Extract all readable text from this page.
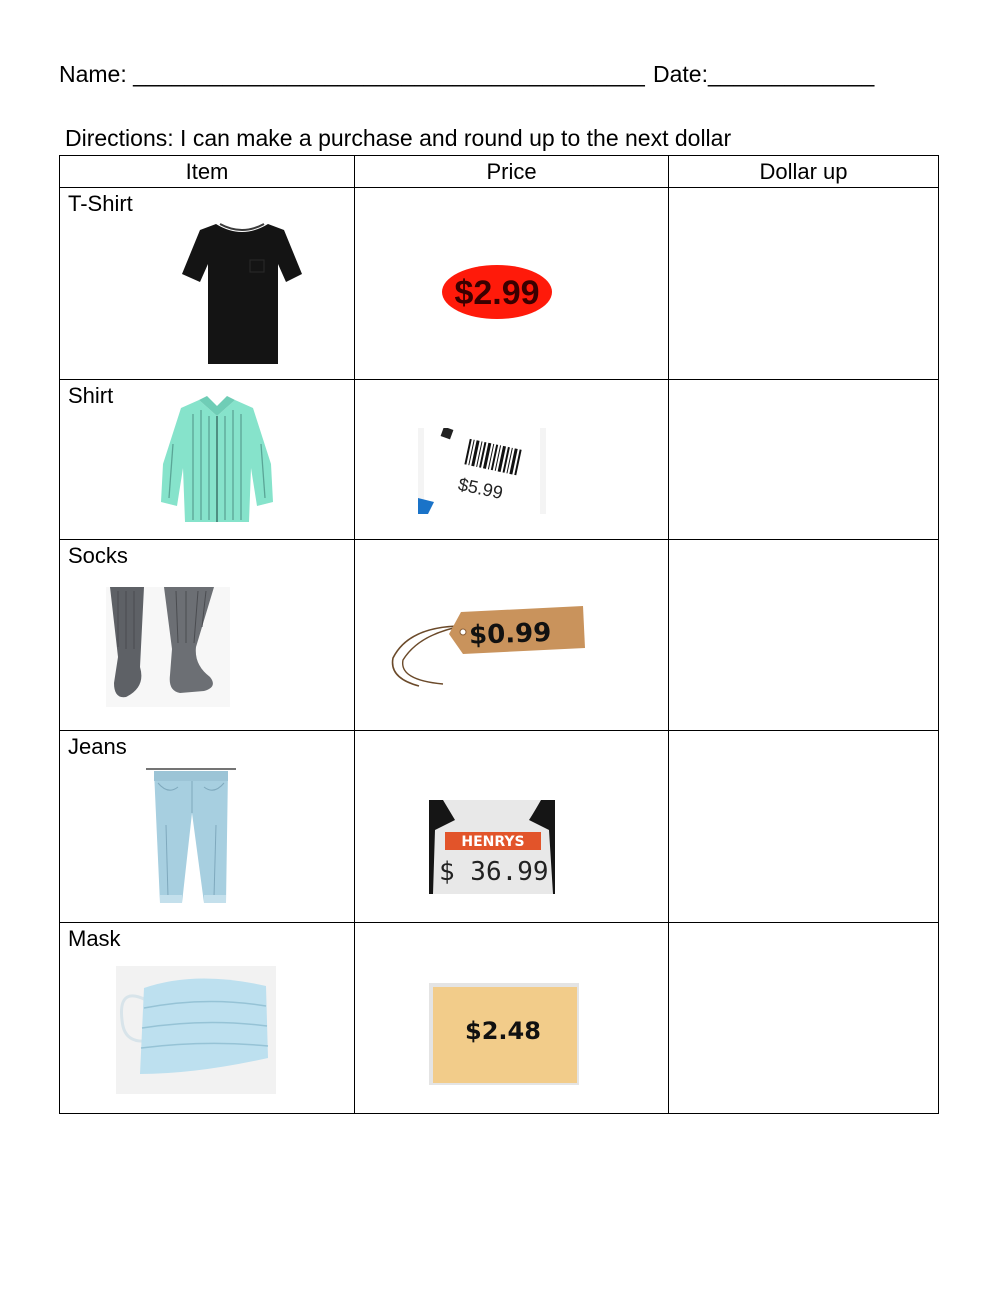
Name: ________________________________________ Date:_____________
Directions: I can make a purchase and round up to the next dollar
Item	Price	Dollar up

T-Shirt	$2.99	

Shirt	$5.99	

Socks	$0.99	

Jeans	HENRYS
$ 36.99	

Mask	$2.48	
